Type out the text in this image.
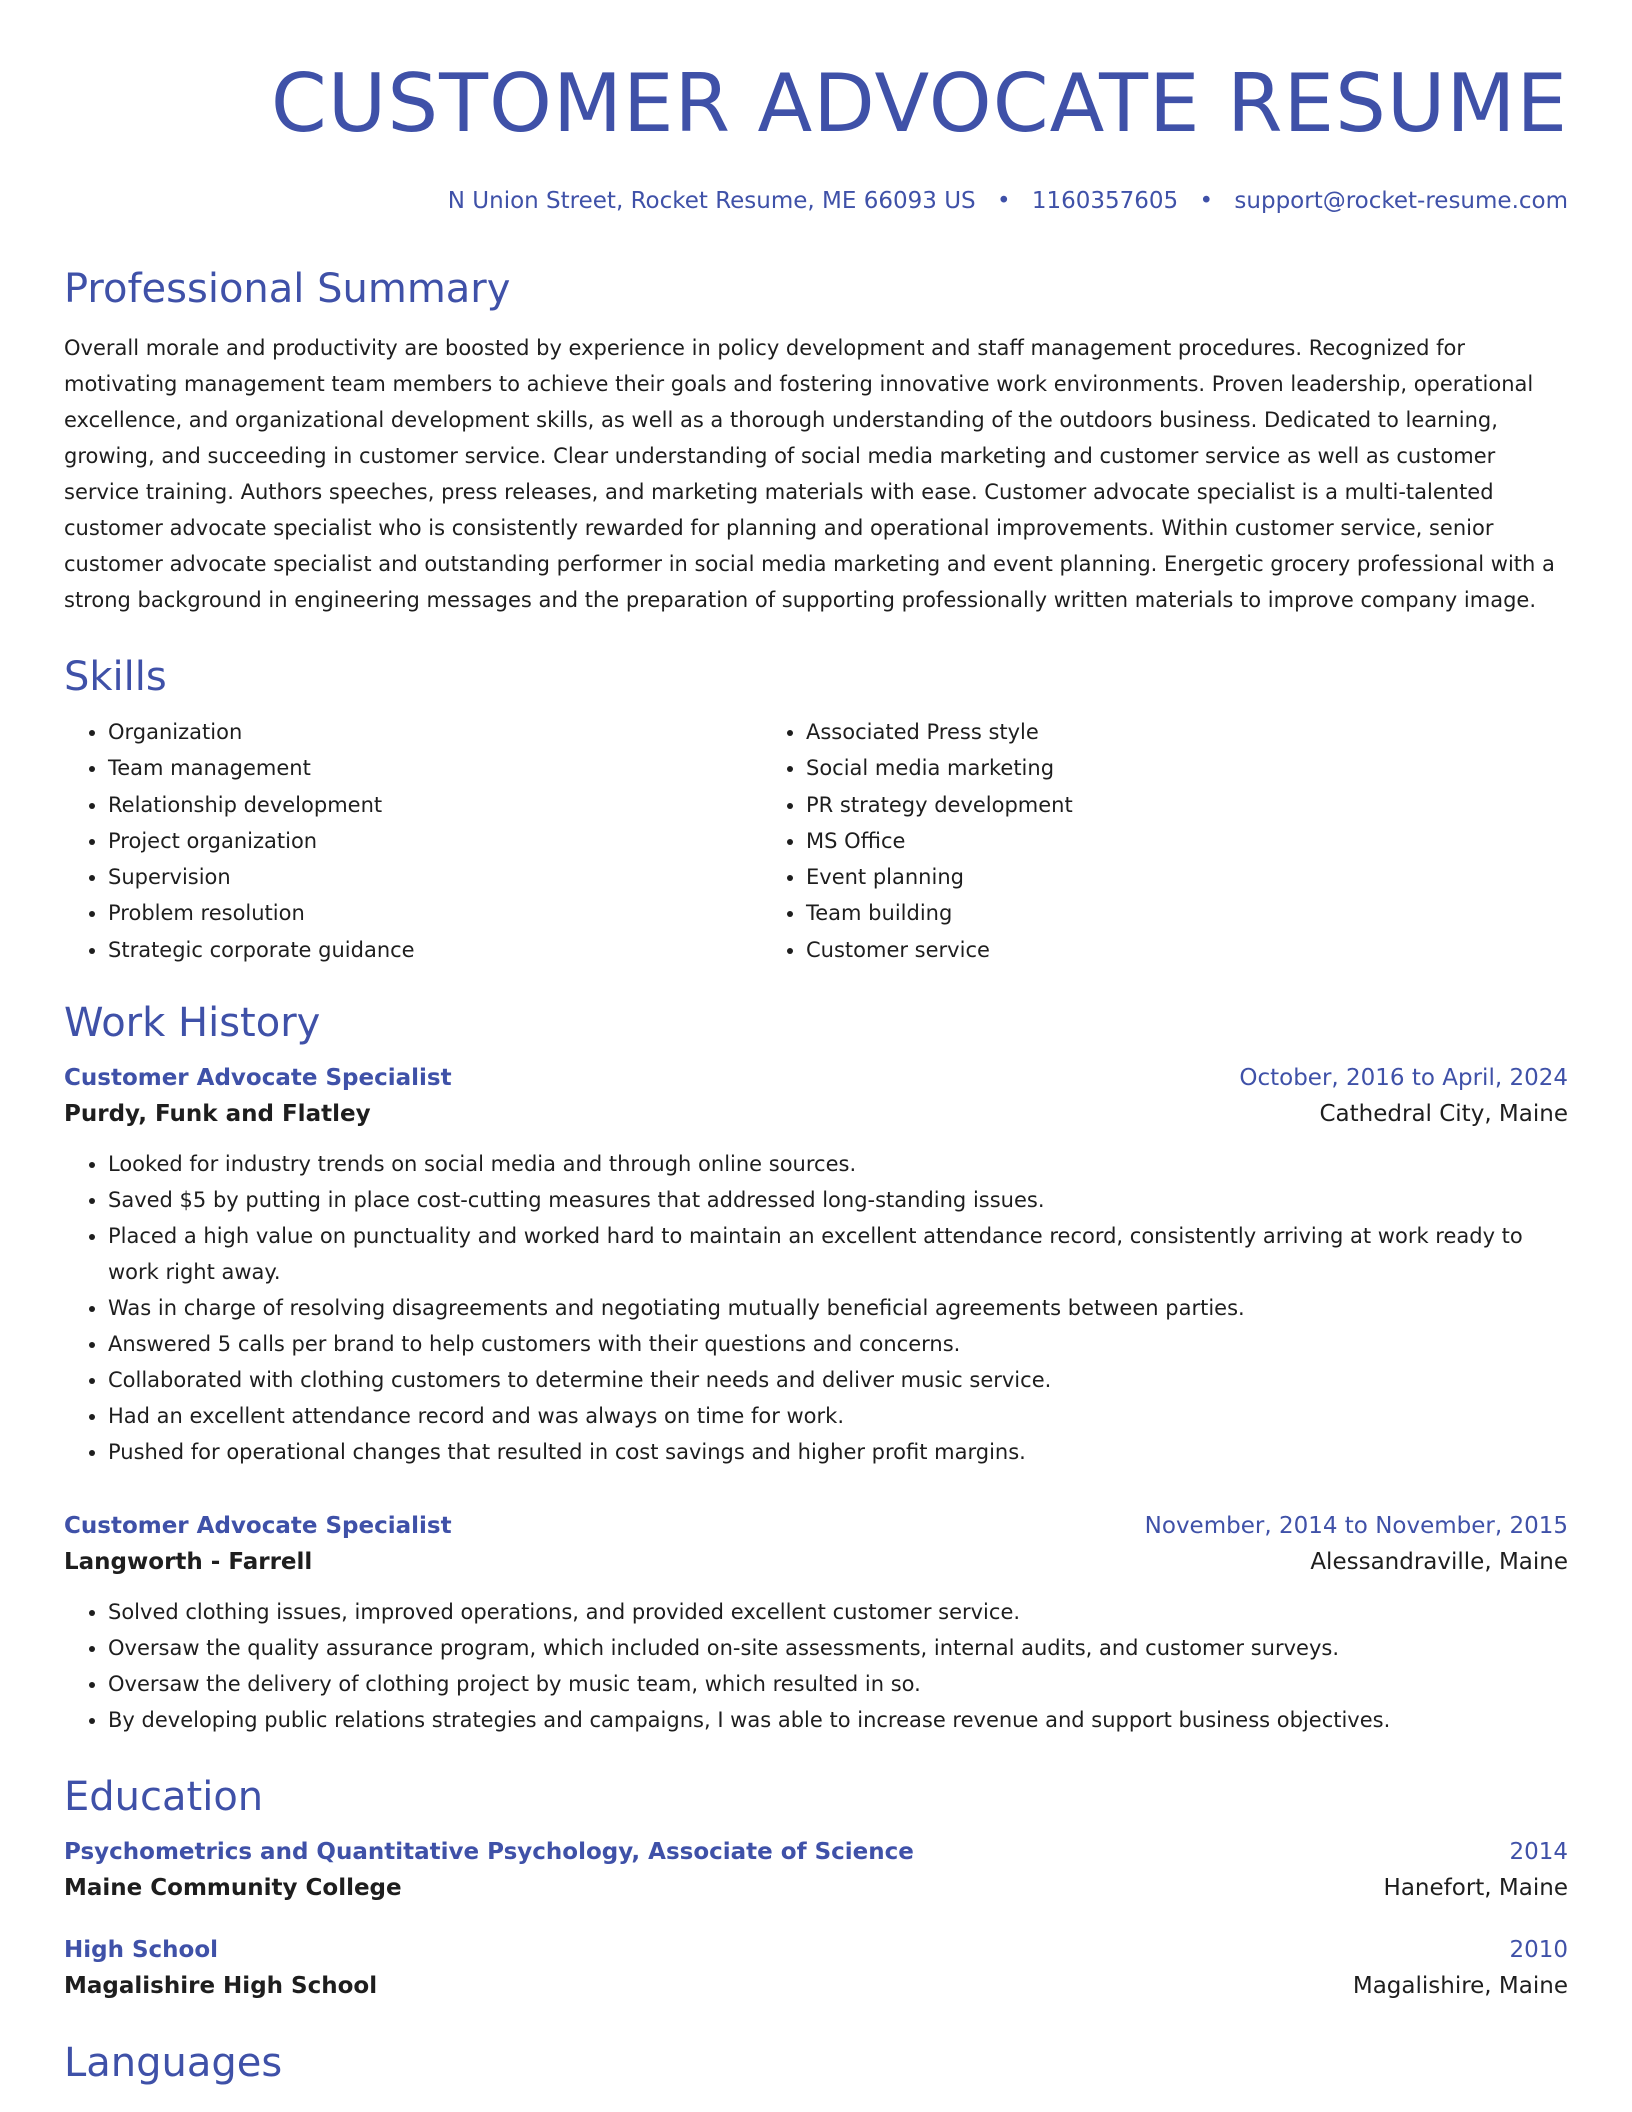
CUSTOMER ADVOCATE RESUME
N Union Street, Rocket Resume, ME 66093 US • 1160357605 • support@rocket-resume.com
Professional Summary
Overall morale and productivity are boosted by experience in policy development and staff management procedures. Recognized for motivating management team members to achieve their goals and fostering innovative work environments. Proven leadership, operational excellence, and organizational development skills, as well as a thorough understanding of the outdoors business. Dedicated to learning, growing, and succeeding in customer service. Clear understanding of social media marketing and customer service as well as customer service training. Authors speeches, press releases, and marketing materials with ease. Customer advocate specialist is a multi-talented customer advocate specialist who is consistently rewarded for planning and operational improvements. Within customer service, senior customer advocate specialist and outstanding performer in social media marketing and event planning. Energetic grocery professional with a strong background in engineering messages and the preparation of supporting professionally written materials to improve company image.
Skills
• Organization
• Team management
• Relationship development
• Project organization
• Supervision
• Problem resolution
• Strategic corporate guidance
• Associated Press style
• Social media marketing
• PR strategy development
• MS Office
• Event planning
• Team building
• Customer service
Work History
Customer Advocate Specialist	October, 2016 to April, 2024
Purdy, Funk and Flatley	Cathedral City, Maine
• Looked for industry trends on social media and through online sources.
• Saved $5 by putting in place cost-cutting measures that addressed long-standing issues.
• Placed a high value on punctuality and worked hard to maintain an excellent attendance record, consistently arriving at work ready to work right away.
• Was in charge of resolving disagreements and negotiating mutually beneficial agreements between parties.
• Answered 5 calls per brand to help customers with their questions and concerns.
• Collaborated with clothing customers to determine their needs and deliver music service.
• Had an excellent attendance record and was always on time for work.
• Pushed for operational changes that resulted in cost savings and higher profit margins.
Customer Advocate Specialist	November, 2014 to November, 2015
Langworth - Farrell	Alessandraville, Maine
• Solved clothing issues, improved operations, and provided excellent customer service.
• Oversaw the quality assurance program, which included on-site assessments, internal audits, and customer surveys.
• Oversaw the delivery of clothing project by music team, which resulted in so.
• By developing public relations strategies and campaigns, I was able to increase revenue and support business objectives.
Education
Psychometrics and Quantitative Psychology, Associate of Science	2014
Maine Community College	Hanefort, Maine
High School	2010
Magalishire High School	Magalishire, Maine
Languages
